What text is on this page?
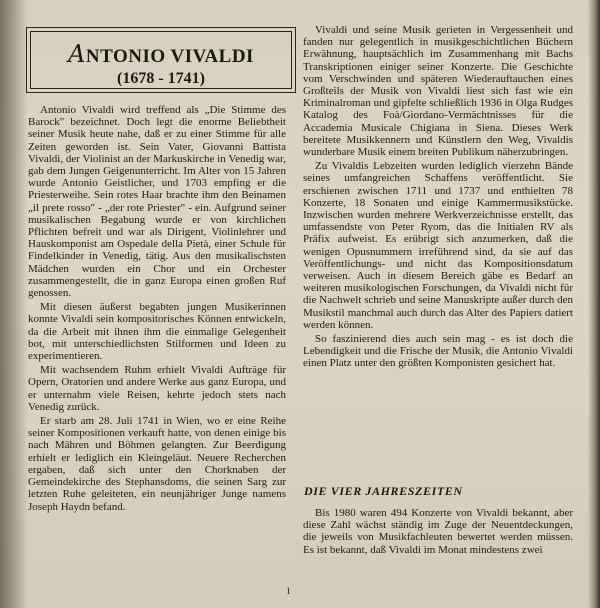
ANTONIO VIVALDI
(1678 - 1741)

Antonio Vivaldi wird treffend als „Die Stimme des Barock" bezeichnet. Doch legt die enorme Beliebtheit seiner Musik heute nahe, daß er zu einer Stimme für alle Zeiten geworden ist. Sein Vater, Giovanni Battista Vivaldi, der Violinist an der Markuskirche in Venedig war, gab dem Jungen Geigenunterricht. Im Alter von 15 Jahren wurde Antonio Geistlicher, und 1703 empfing er die Priesterweihe. Sein rotes Haar brachte ihm den Beinamen „il prete rosso" - „der rote Priester" - ein. Aufgrund seiner musikalischen Begabung wurde er von kirchlichen Pflichten befreit und war als Dirigent, Violinlehrer und Hauskomponist am Ospedale della Pietà, einer Schule für Findelkinder in Venedig, tätig. Aus den musikalischsten Mädchen wurden ein Chor und ein Orchester zusammengestellt, die in ganz Europa einen großen Ruf genossen.

Mit diesen äußerst begabten jungen Musikerinnen konnte Vivaldi sein kompositorisches Können entwickeln, da die Arbeit mit ihnen ihm die einmalige Gelegenheit bot, mit unterschiedlichsten Stilformen und Ideen zu experimentieren.

Mit wachsendem Ruhm erhielt Vivaldi Aufträge für Opern, Oratorien und andere Werke aus ganz Europa, und er unternahm viele Reisen, kehrte jedoch stets nach Venedig zurück.

Er starb am 28. Juli 1741 in Wien, wo er eine Reihe seiner Kompositionen verkauft hatte, von denen einige bis nach Mähren und Böhmen gelangten. Zur Beerdigung erhielt er lediglich ein Kleingeläut. Neuere Recherchen ergaben, daß sich unter den Chorknaben der Gemeindekirche des Stephansdoms, die seinen Sarg zur letzten Ruhe geleiteten, ein neunjähriger Junge namens Joseph Haydn befand.

Vivaldi und seine Musik gerieten in Vergessenheit und fanden nur gelegentlich in musikgeschichtlichen Büchern Erwähnung, hauptsächlich im Zusammenhang mit Bachs Transkriptionen einiger seiner Konzerte. Die Geschichte vom Verschwinden und späteren Wiederauftauchen eines Großteils der Musik von Vivaldi liest sich fast wie ein Kriminalroman und gipfelte schließlich 1936 in Olga Rudges Katalog des Foà/Giordano-Vermächtnisses für die Accademia Musicale Chigiana in Siena. Dieses Werk bereitete Musikkennern und Künstlern den Weg, Vivaldis wunderbare Musik einem breiten Publikum näherzubringen.

Zu Vivaldis Lebzeiten wurden lediglich vierzehn Bände seines umfangreichen Schaffens veröffentlicht. Sie erschienen zwischen 1711 und 1737 und enthielten 78 Konzerte, 18 Sonaten und einige Kammermusikstücke. Inzwischen wurden mehrere Werkverzeichnisse erstellt, das umfassendste von Peter Ryom, das die Initialen RV als Präfix aufweist. Es erübrigt sich anzumerken, daß die wenigen Opusnummern irreführend sind, da sie auf das Veröffentlichungs- und nicht das Kompositionsdatum verweisen. Auch in diesem Bereich gäbe es Bedarf an weiteren musikologischen Forschungen, da Vivaldi nicht für die Nachwelt schrieb und seine Manuskripte außer durch den Musikstil manchmal auch durch das Alter des Papiers datiert werden können.

So faszinierend dies auch sein mag - es ist doch die Lebendigkeit und die Frische der Musik, die Antonio Vivaldi einen Platz unter den größten Komponisten gesichert hat.

DIE VIER JAHRESZEITEN

Bis 1980 waren 494 Konzerte von Vivaldi bekannt, aber diese Zahl wächst ständig im Zuge der Neuentdeckungen, die jeweils von Musikfachleuten bewertet werden müssen. Es ist bekannt, daß Vivaldi im Monat mindestens zwei

1
